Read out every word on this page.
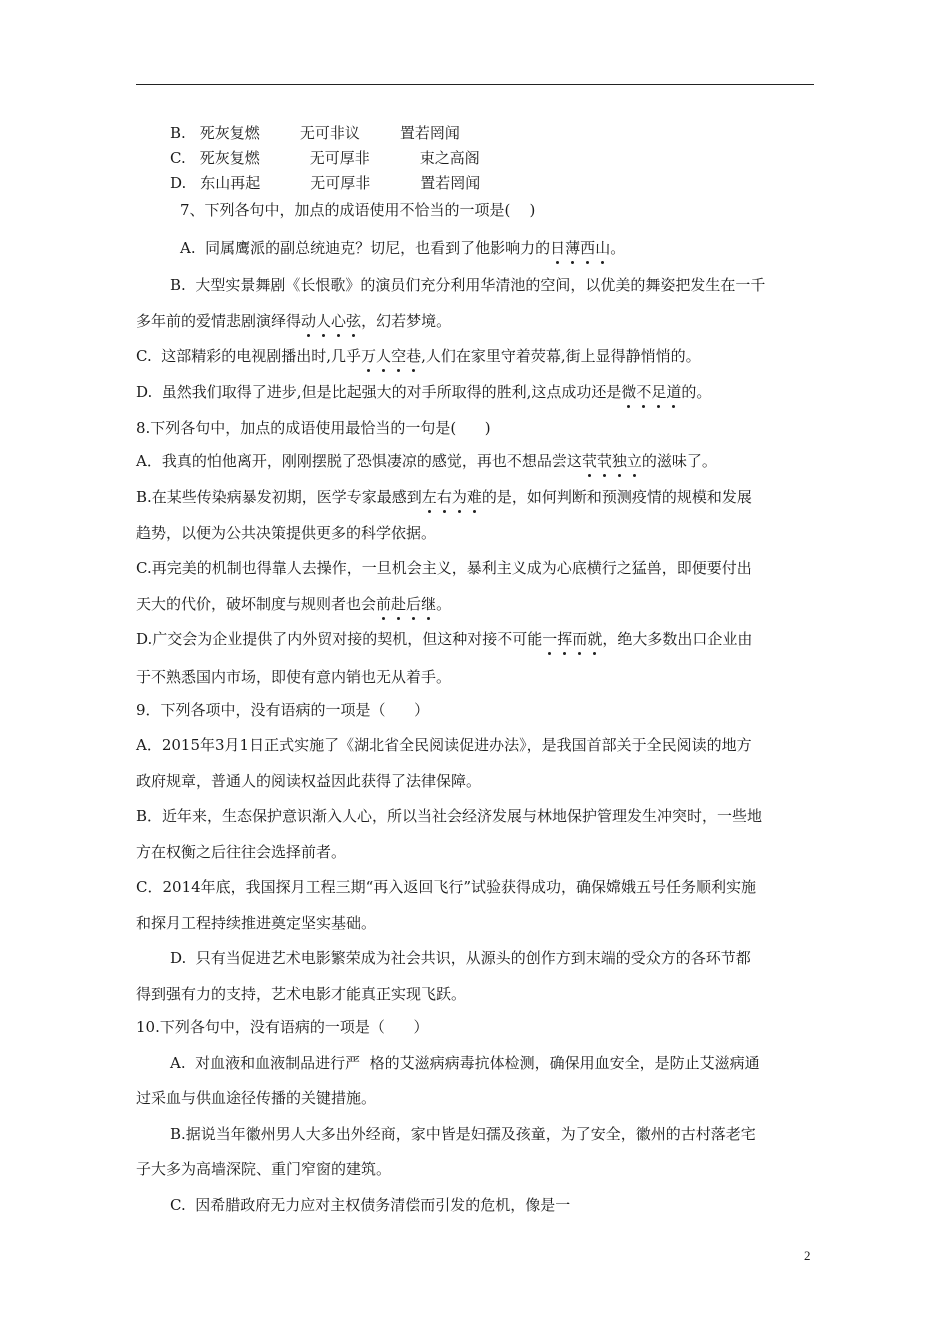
B. 死灰复燃	无可非议	置若罔闻
C. 死灰复燃	无可厚非	束之高阁
D. 东山再起	无可厚非	置若罔闻
7、下列各句中，加点的成语使用不恰当的一项是(    )
A.  同属鹰派的副总统迪克？切尼，也看到了他影响力的日薄西山。
B.  大型实景舞剧《长恨歌》的演员们充分利用华清池的空间，以优美的舞姿把发生在一千
多年前的爱情悲剧演绎得动人心弦，幻若梦境。
C.  这部精彩的电视剧播出时,几乎万人空巷,人们在家里守着荧幕,街上显得静悄悄的。
D.  虽然我们取得了进步,但是比起强大的对手所取得的胜利,这点成功还是微不足道的。
8.下列各句中，加点的成语使用最恰当的一句是(      )
A．我真的怕他离开，刚刚摆脱了恐惧凄凉的感觉，再也不想品尝这茕茕独立的滋味了。
B.在某些传染病暴发初期，医学专家最感到左右为难的是，如何判断和预测疫情的规模和发展
趋势，以便为公共决策提供更多的科学依据。
C.再完美的机制也得靠人去操作，一旦机会主义，暴利主义成为心底横行之猛兽，即便要付出
天大的代价，破坏制度与规则者也会前赴后继。
D.广交会为企业提供了内外贸对接的契机，但这种对接不可能一挥而就，绝大多数出口企业由
于不熟悉国内市场，即使有意内销也无从着手。
9．下列各项中，没有语病的一项是（      ）
A．2015年3月1日正式实施了《湖北省全民阅读促进办法》，是我国首部关于全民阅读的地方
政府规章，普通人的阅读权益因此获得了法律保障。
B．近年来，生态保护意识渐入人心，所以当社会经济发展与林地保护管理发生冲突时，一些地
方在权衡之后往往会选择前者。
C．2014年底，我国探月工程三期“再入返回飞行”试验获得成功，确保嫦娥五号任务顺利实施
和探月工程持续推进奠定坚实基础。
D.  只有当促进艺术电影繁荣成为社会共识，从源头的创作方到末端的受众方的各环节都
得到强有力的支持，艺术电影才能真正实现飞跃。
10.下列各句中，没有语病的一项是（      ）
A.  对血液和血液制品进行严  格的艾滋病病毒抗体检测，确保用血安全，是防止艾滋病通
过采血与供血途径传播的关键措施。
B.据说当年徽州男人大多出外经商，家中皆是妇孺及孩童，为了安全，徽州的古村落老宅
子大多为高墙深院、重门窄窗的建筑。
C.  因希腊政府无力应对主权债务清偿而引发的危机，像是一
2
